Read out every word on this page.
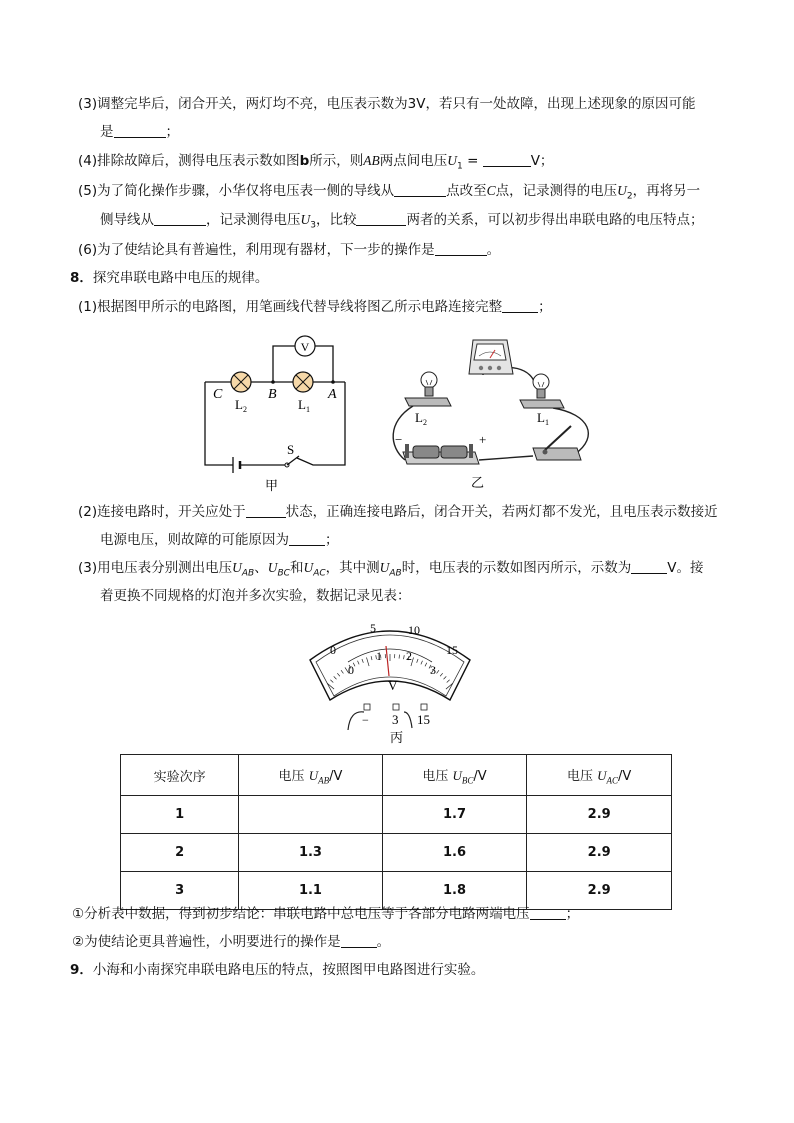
(3)调整完毕后，闭合开关，两灯均不亮，电压表示数为3V，若只有一处故障，出现上述现象的原因可能
是	；
(4)排除故障后，测得电压表示数如图b所示，则AB两点间电压$U_1$ =	V；
(5)为了简化操作步骤，小华仅将电压表一侧的导线从	点改至C点，记录测得的电压$U_2$，再将另一
侧导线从	，记录测得电压$U_3$，比较	两者的关系，可以初步得出串联电路的电压特点；
(6)为了使结论具有普遍性，利用现有器材，下一步的操作是	。
8．探究串联电路中电压的规律。
(1)根据图甲所示的电路图，用笔画线代替导线将图乙所示电路连接完整	；
V
C	B	A
$L_2$	$L_1$
S
甲
$L_2$	$L_1$
−	+
乙
(2)连接电路时，开关应处于	状态，正确连接电路后，闭合开关，若两灯都不发光，且电压表示数接近
电源电压，则故障的可能原因为	；
(3)用电压表分别测出电压$U_{AB}$、$U_{BC}$和$U_{AC}$，其中测$U_{AB}$时，电压表的示数如图丙所示，示数为	V。接
着更换不同规格的灯泡并多次实验，数据记录见表：
0
5	10
15
0
1 2
3
V
− 3 15
丙
实验次序	电压 $U_{AB}/V$	电压 $U_{BC}/V$	电压 $U_{AC}/V$
1		1.7	2.9
2	1.3	1.6	2.9
3	1.1	1.8	2.9
①分析表中数据，得到初步结论：串联电路中总电压等于各部分电路两端电压	；
②为使结论更具普遍性，小明要进行的操作是	。
9．小海和小南探究串联电路电压的特点，按照图甲电路图进行实验。
